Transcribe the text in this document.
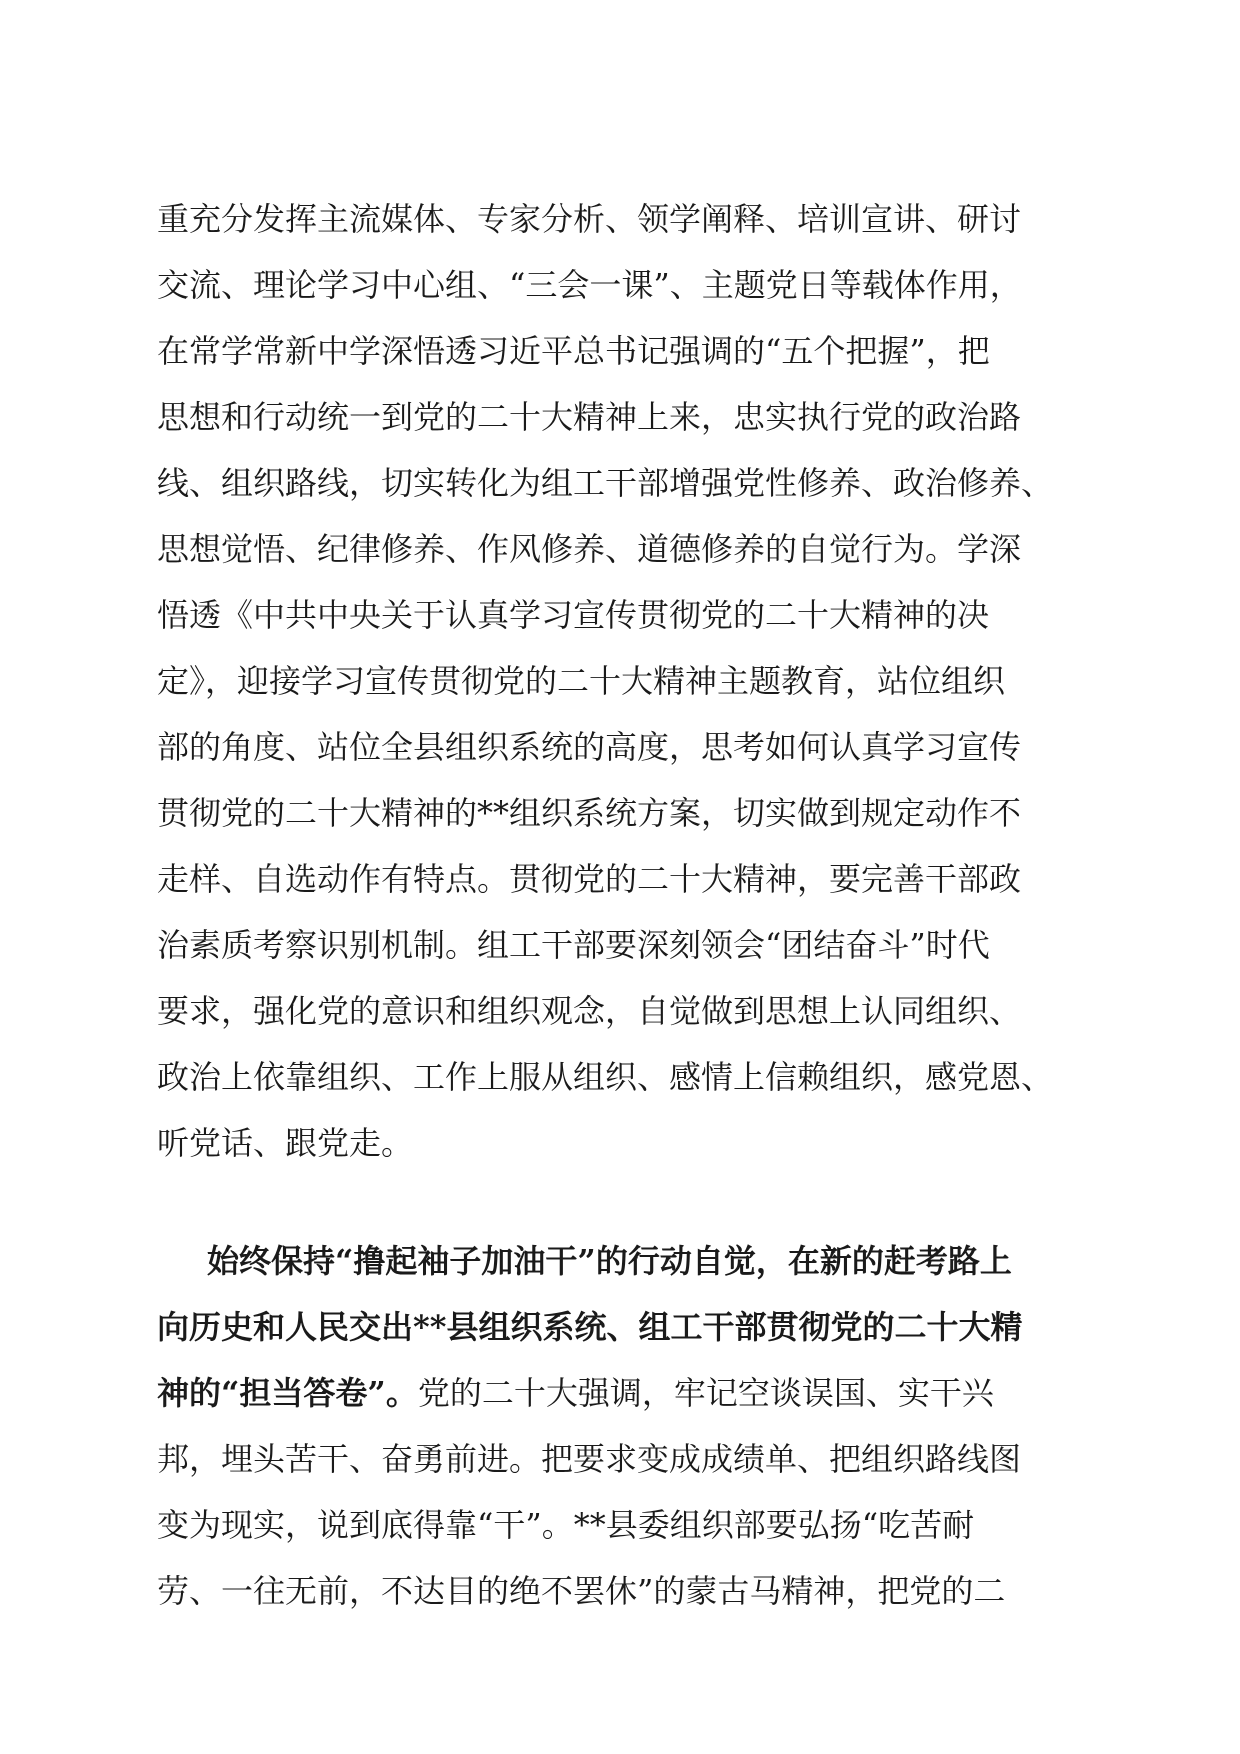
重充分发挥主流媒体、专家分析、领学阐释、培训宣讲、研讨
交流、理论学习中心组、“三会一课”、主题党日等载体作用，
在常学常新中学深悟透习近平总书记强调的“五个把握”，把
思想和行动统一到党的二十大精神上来，忠实执行党的政治路
线、组织路线，切实转化为组工干部增强党性修养、政治修养、
思想觉悟、纪律修养、作风修养、道德修养的自觉行为。学深
悟透《中共中央关于认真学习宣传贯彻党的二十大精神的决
定》，迎接学习宣传贯彻党的二十大精神主题教育，站位组织
部的角度、站位全县组织系统的高度，思考如何认真学习宣传
贯彻党的二十大精神的**组织系统方案，切实做到规定动作不
走样、自选动作有特点。贯彻党的二十大精神，要完善干部政
治素质考察识别机制。组工干部要深刻领会“团结奋斗”时代
要求，强化党的意识和组织观念，自觉做到思想上认同组织、
政治上依靠组织、工作上服从组织、感情上信赖组织，感党恩、
听党话、跟党走。
始终保持“撸起袖子加油干”的行动自觉，在新的赶考路上
向历史和人民交出**县组织系统、组工干部贯彻党的二十大精
神的“担当答卷”。党的二十大强调，牢记空谈误国、实干兴
邦，埋头苦干、奋勇前进。把要求变成成绩单、把组织路线图
变为现实，说到底得靠“干”。**县委组织部要弘扬“吃苦耐
劳、一往无前，不达目的绝不罢休”的蒙古马精神，把党的二
